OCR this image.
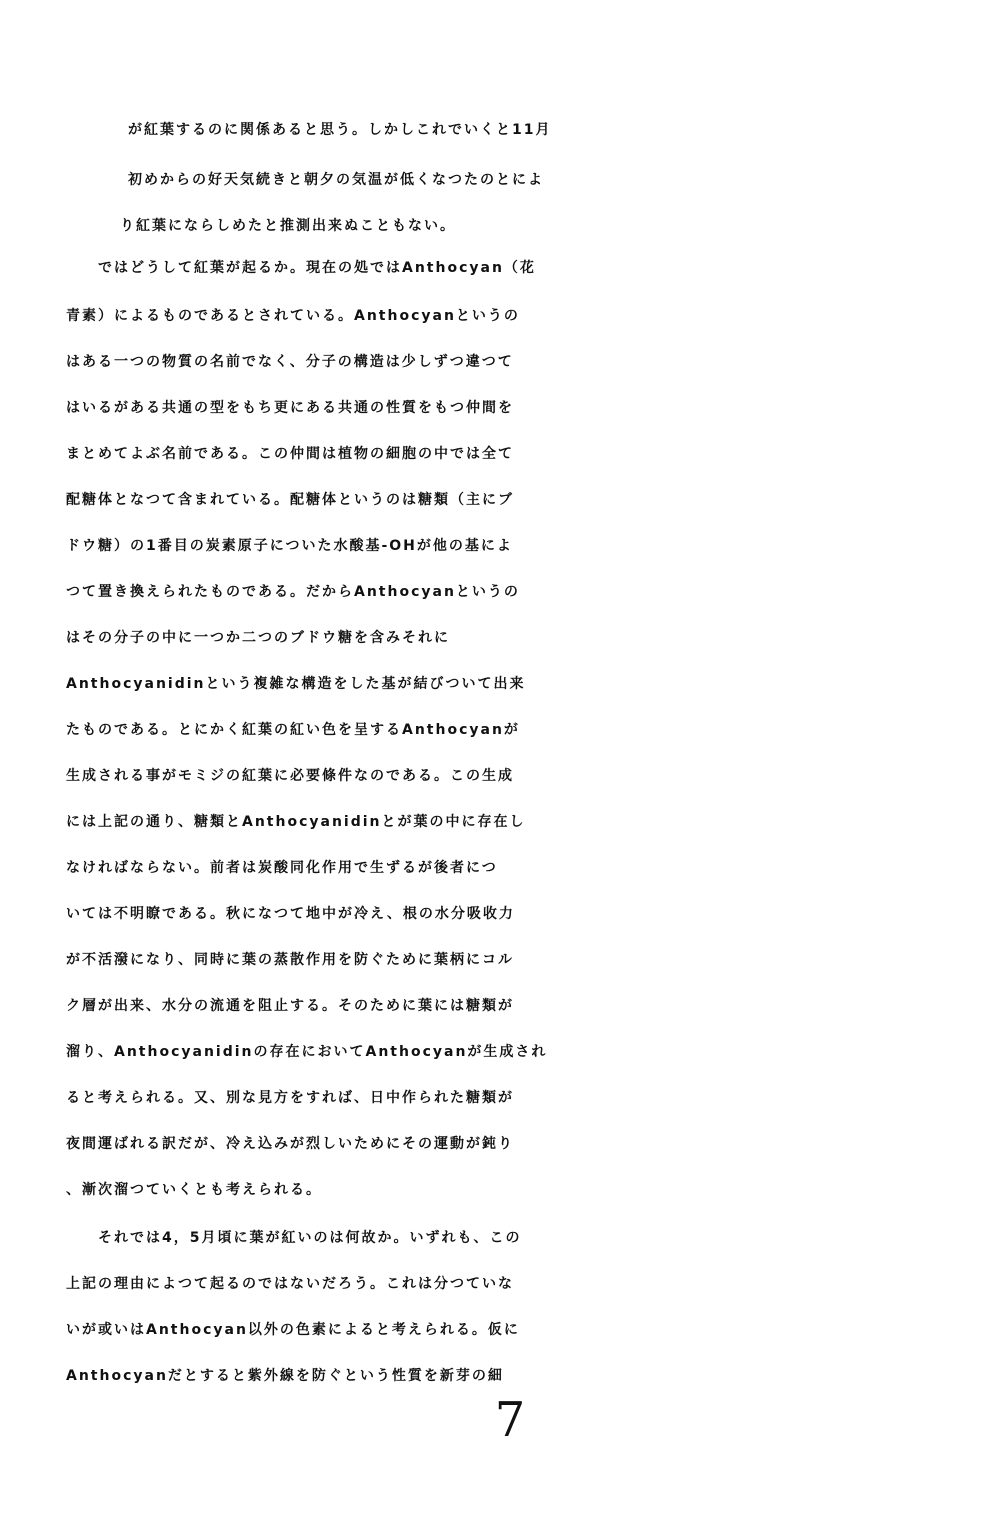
が紅葉するのに関係あると思う。しかしこれでいくと11月
初めからの好天気続きと朝夕の気温が低くなつたのとによ
り紅葉にならしめたと推測出来ぬこともない。
ではどうして紅葉が起るか。現在の処ではAnthocyan（花
青素）によるものであるとされている。Anthocyanというの
はある一つの物質の名前でなく、分子の構造は少しずつ違つて
はいるがある共通の型をもち更にある共通の性質をもつ仲間を
まとめてよぶ名前である。この仲間は植物の細胞の中では全て
配糖体となつて含まれている。配糖体というのは糖類（主にブ
ドウ糖）の1番目の炭素原子についた水酸基-OHが他の基によ
つて置き換えられたものである。だからAnthocyanというの
はその分子の中に一つか二つのブドウ糖を含みそれに
Anthocyanidinという複雑な構造をした基が結びついて出来
たものである。とにかく紅葉の紅い色を呈するAnthocyanが
生成される事がモミジの紅葉に必要條件なのである。この生成
には上記の通り、糖類とAnthocyanidinとが葉の中に存在し
なければならない。前者は炭酸同化作用で生ずるが後者につ
いては不明瞭である。秋になつて地中が冷え、根の水分吸收力
が不活潑になり、同時に葉の蒸散作用を防ぐために葉柄にコル
ク層が出来、水分の流通を阻止する。そのために葉には糖類が
溜り、Anthocyanidinの存在においてAnthocyanが生成され
ると考えられる。又、別な見方をすれば、日中作られた糖類が
夜間運ばれる訳だが、冷え込みが烈しいためにその運動が鈍り
、漸次溜つていくとも考えられる。
それでは4，5月頃に葉が紅いのは何故か。いずれも、この
上記の理由によつて起るのではないだろう。これは分つていな
いが或いはAnthocyan以外の色素によると考えられる。仮に
Anthocyanだとすると紫外線を防ぐという性質を新芽の細
7
